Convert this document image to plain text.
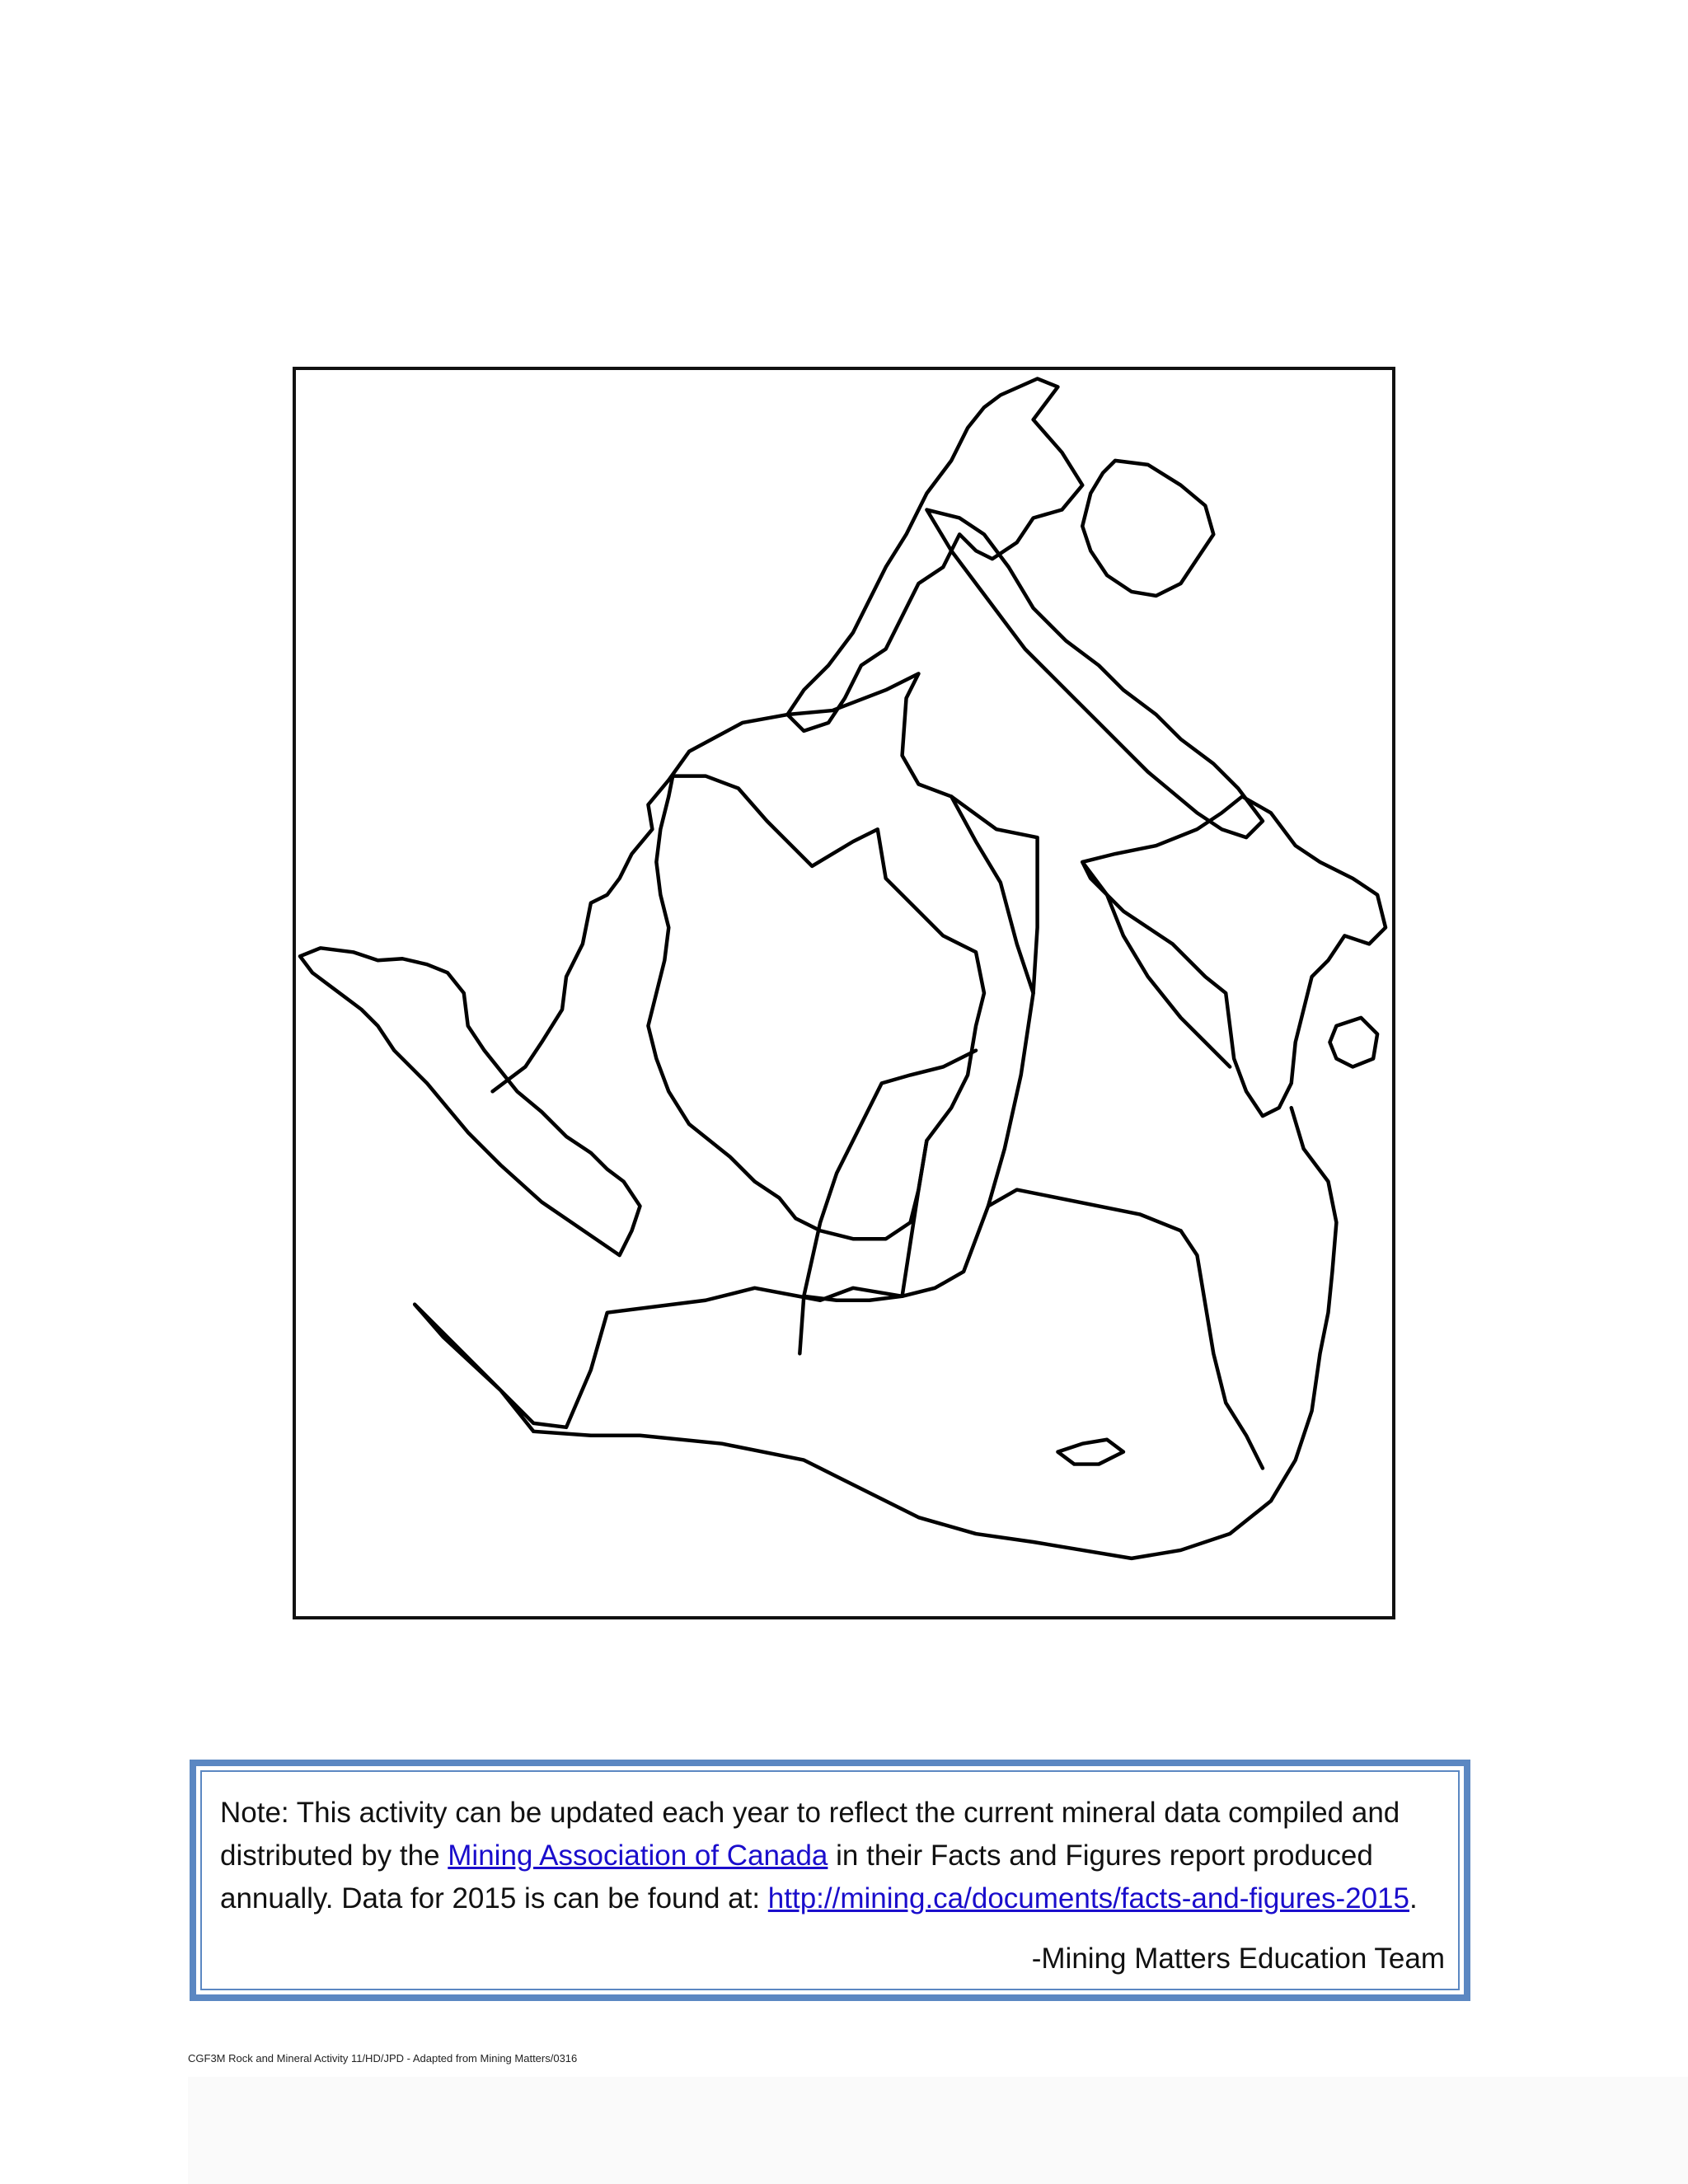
Note: This activity can be updated each year to reflect the current mineral data compiled and distributed by the Mining Association of Canada in their Facts and Figures report produced annually. Data for 2015 is can be found at: http://mining.ca/documents/facts-and-figures-2015.

-Mining Matters Education Team
CGF3M Rock and Mineral Activity 11/HD/JPD - Adapted from Mining Matters/0316
